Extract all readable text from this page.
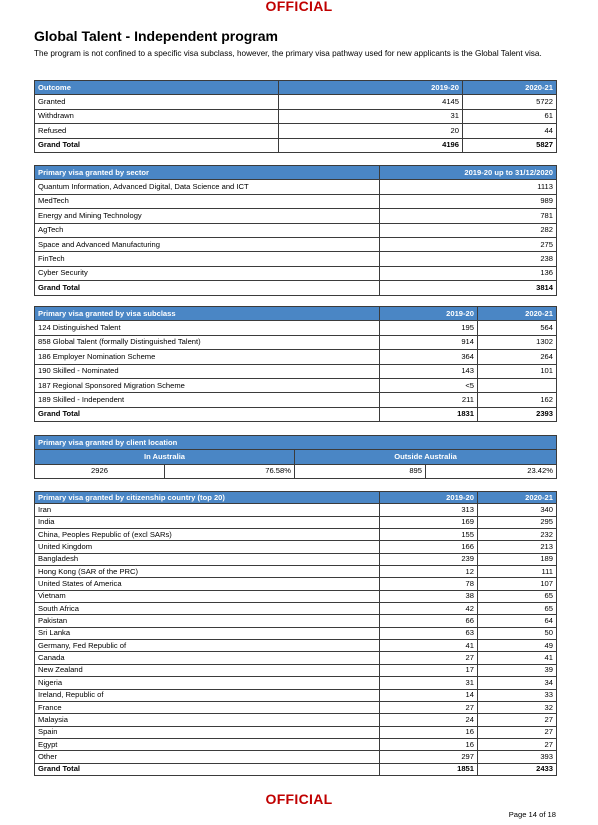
OFFICIAL
Global Talent - Independent program
The program is not confined to a specific visa subclass, however, the primary visa pathway used for new applicants is the Global Talent visa.
Outcome	2019-20	2020-21
Granted	4145	5722
Withdrawn	31	61
Refused	20	44
Grand Total	4196	5827
Primary visa granted by sector	2019-20 up to 31/12/2020
Quantum Information, Advanced Digital, Data Science and ICT	1113
MedTech	989
Energy and Mining Technology	781
AgTech	282
Space and Advanced Manufacturing	275
FinTech	238
Cyber Security	136
Grand Total	3814
Primary visa granted by visa subclass	2019-20	2020-21
124 Distinguished Talent	195	564
858 Global Talent (formally Distinguished Talent)	914	1302
186 Employer Nomination Scheme	364	264
190 Skilled - Nominated	143	101
187 Regional Sponsored Migration Scheme	<5	
189 Skilled - Independent	211	162
Grand Total	1831	2393
Primary visa granted by client location			
In Australia		Outside Australia	
2926	76.58%	895	23.42%
Primary visa granted by citizenship country (top 20)	2019-20	2020-21
Iran	313	340
India	169	295
China, Peoples Republic of (excl SARs)	155	232
United Kingdom	166	213
Bangladesh	239	189
Hong Kong (SAR of the PRC)	12	111
United States of America	78	107
Vietnam	38	65
South Africa	42	65
Pakistan	66	64
Sri Lanka	63	50
Germany, Fed Republic of	41	49
Canada	27	41
New Zealand	17	39
Nigeria	31	34
Ireland, Republic of	14	33
France	27	32
Malaysia	24	27
Spain	16	27
Egypt	16	27
Other	297	393
Grand Total	1851	2433
OFFICIAL
Page 14 of 18
